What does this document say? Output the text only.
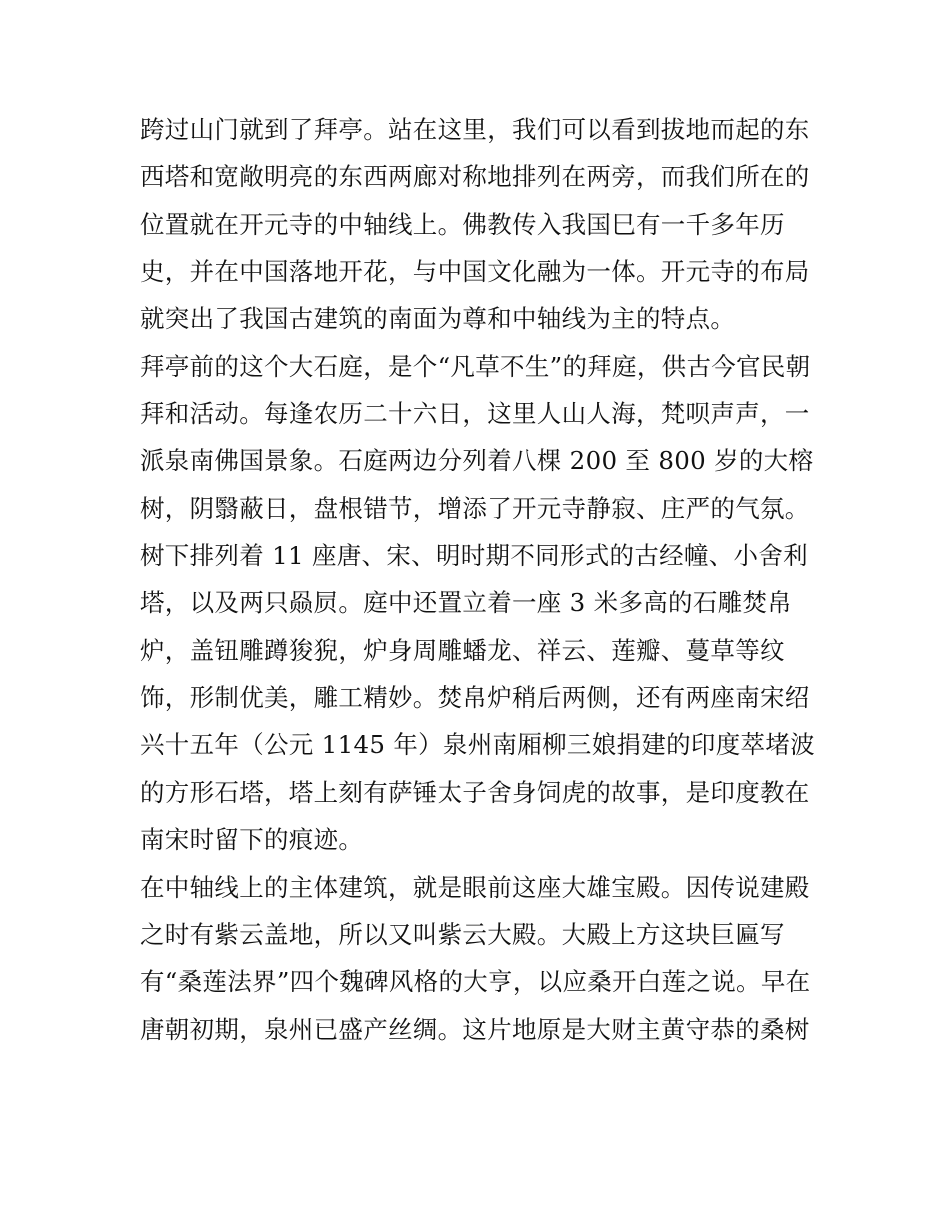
跨过山门就到了拜亭。站在这里，我们可以看到拔地而起的东
西塔和宽敞明亮的东西两廊对称地排列在两旁，而我们所在的
位置就在开元寺的中轴线上。佛教传入我国巳有一千多年历
史，并在中国落地开花，与中国文化融为一体。开元寺的布局
就突出了我国古建筑的南面为尊和中轴线为主的特点。
拜亭前的这个大石庭，是个“凡草不生”的拜庭，供古今官民朝
拜和活动。每逢农历二十六日，这里人山人海，梵呗声声，一
派泉南佛国景象。石庭两边分列着八棵 200 至 800 岁的大榕
树，阴翳蔽日，盘根错节，增添了开元寺静寂、庄严的气氛。
树下排列着 11 座唐、宋、明时期不同形式的古经幢、小舍利
塔，以及两只赑屃。庭中还置立着一座 3 米多高的石雕焚帛
炉，盖钮雕蹲狻猊，炉身周雕蟠龙、祥云、莲瓣、蔓草等纹
饰，形制优美，雕工精妙。焚帛炉稍后两侧，还有两座南宋绍
兴十五年（公元 1145 年）泉州南厢柳三娘捐建的印度萃堵波
的方形石塔，塔上刻有萨锤太子舍身饲虎的故事，是印度教在
南宋时留下的痕迹。
在中轴线上的主体建筑，就是眼前这座大雄宝殿。因传说建殿
之时有紫云盖地，所以又叫紫云大殿。大殿上方这块巨匾写
有“桑莲法界”四个魏碑风格的大亨，以应桑开白莲之说。早在
唐朝初期，泉州已盛产丝绸。这片地原是大财主黄守恭的桑树
